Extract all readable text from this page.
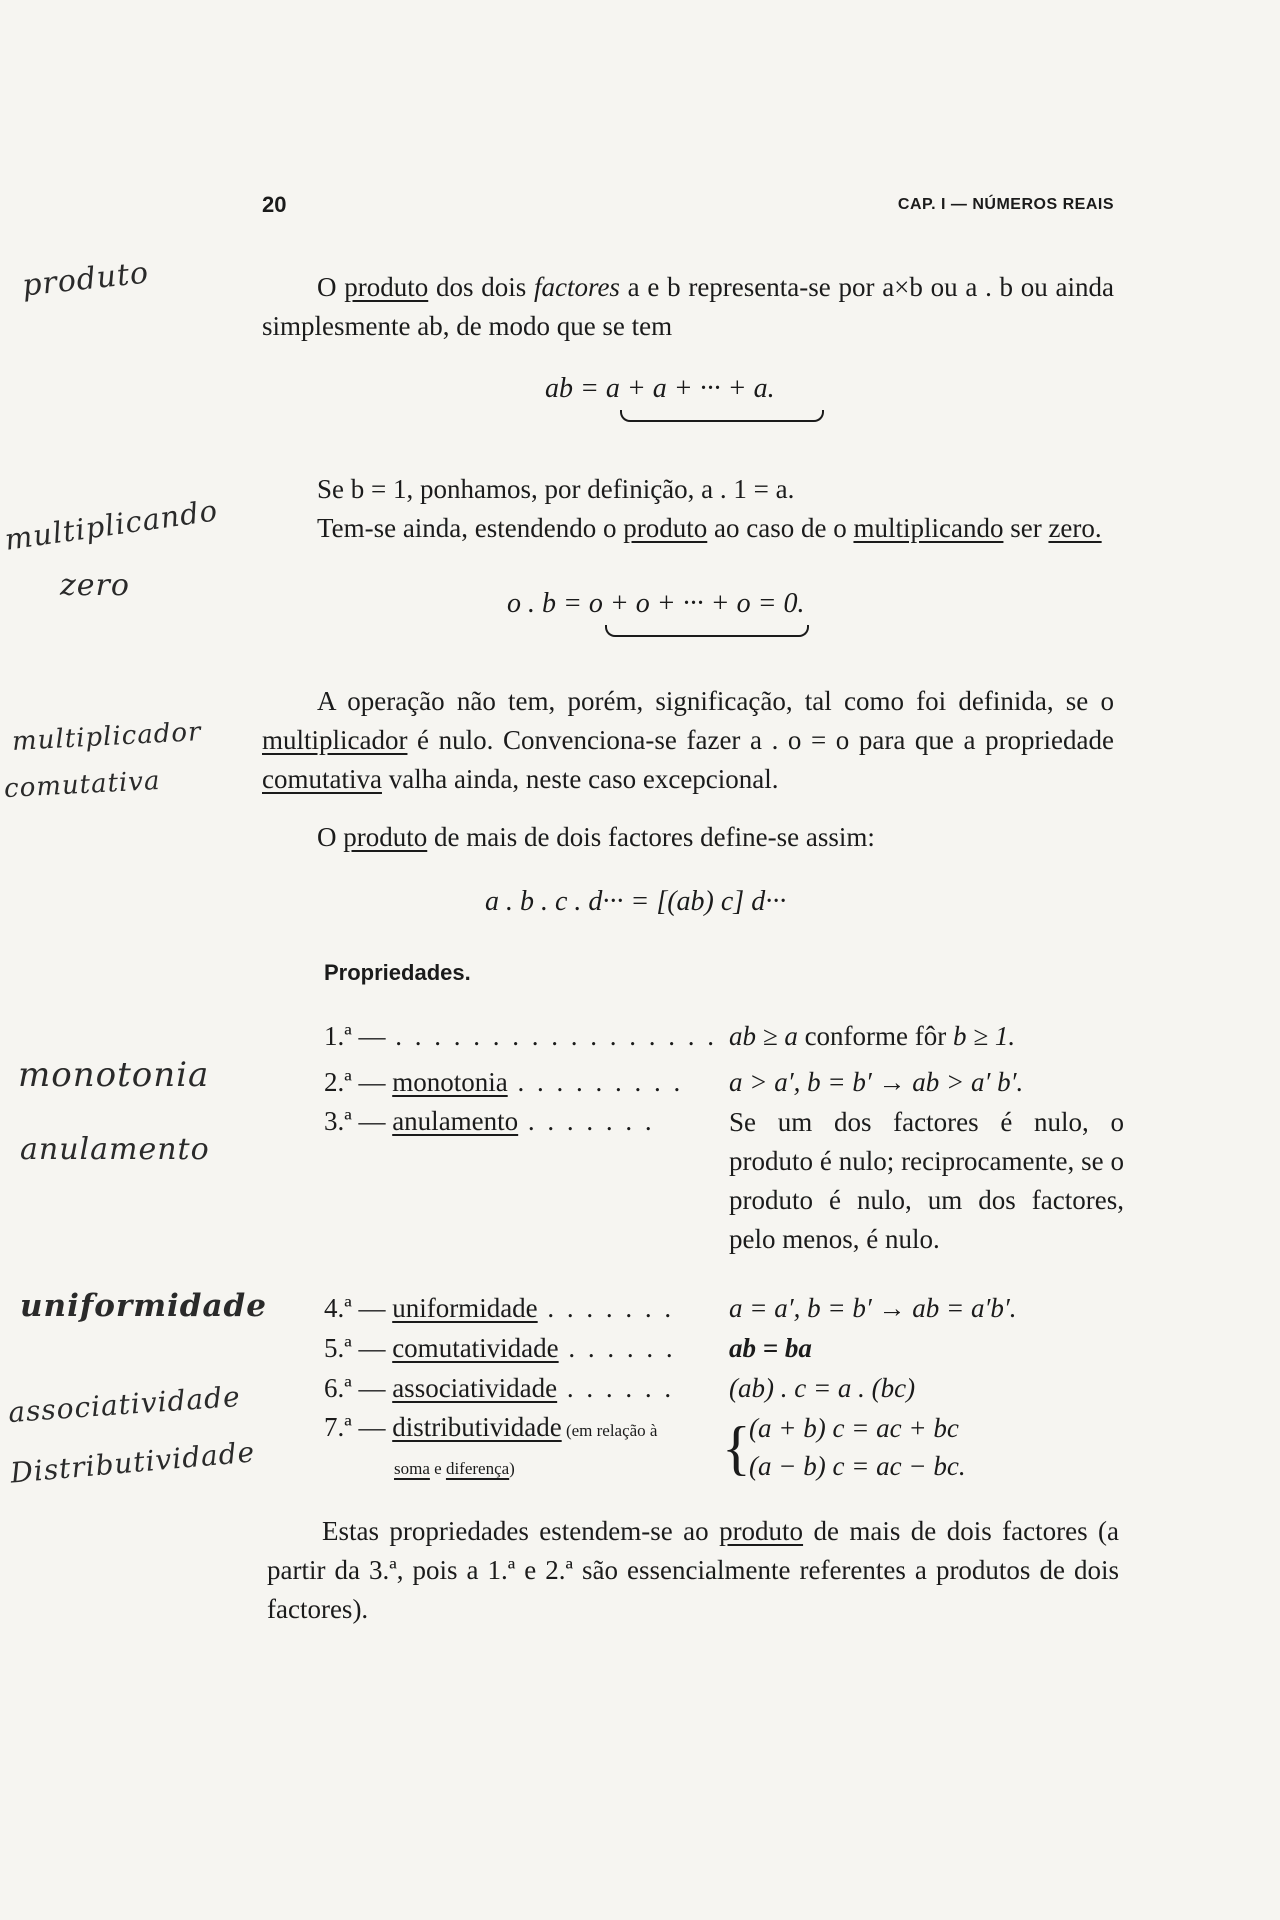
20	CAP. I — NÚMEROS REAIS
O produto dos dois factores a e b representa-se por a×b ou a . b ou ainda simplesmente ab, de modo que se tem
ab = a + a + ··· + a.
Se b = 1, ponhamos, por definição, a . 1 = a.
Tem-se ainda, estendendo o produto ao caso de o multiplicando ser zero.
o . b = o + o + ··· + o = 0.
A operação não tem, porém, significação, tal como foi definida, se o multiplicador é nulo. Convenciona-se fazer a . o = o para que a propriedade comutativa valha ainda, neste caso excepcional.
O produto de mais de dois factores define-se assim:
a . b . c . d··· = [(ab) c] d···
Propriedades.
1.ª — . . . . . . . . . . . . . . . . . ab ≥ a conforme fôr b ≥ 1.
2.ª — monotonia . . . . . . . . . a > a′, b = b′ → ab > a′ b′.
3.ª — anulamento . . . . . . .	Se um dos factores é nulo, o produto é nulo; reciprocamente, se o produto é nulo, um dos factores, pelo menos, é nulo.
4.ª — uniformidade . . . . . . . a = a′, b = b′ → ab = a′b′.
5.ª — comutatividade . . . . . . ab = ba
6.ª — associatividade . . . . . . (ab) . c = a . (bc)
7.ª — distributividade (em relação à
soma e diferença)	{
(a + b) c = ac + bc
(a − b) c = ac − bc.
Estas propriedades estendem-se ao produto de mais de dois factores (a partir da 3.ª, pois a 1.ª e 2.ª são essencialmente referentes a produtos de dois factores).
produto
multiplicando
zero
multiplicador
comutativa
monotonia
anulamento
uniformidade
associatividade
Distributividade
